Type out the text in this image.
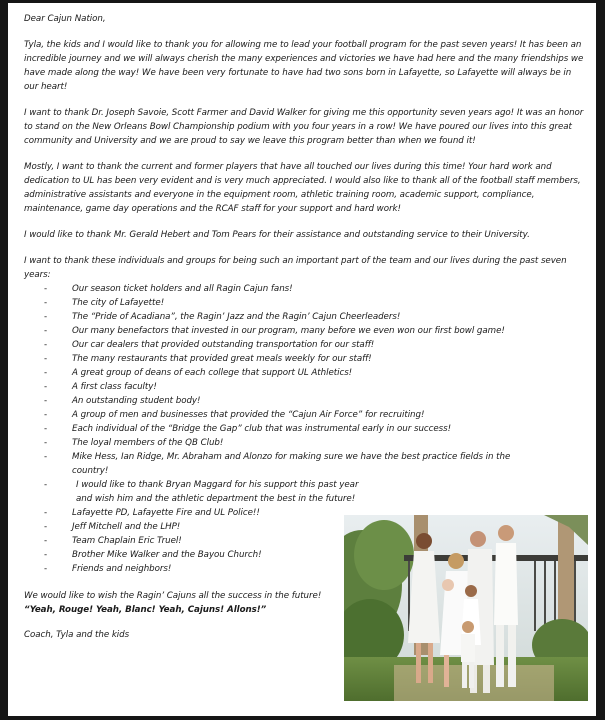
Dear Cajun Nation,

Tyla, the kids and I would like to thank you for allowing me to lead your football program for the past seven years! It has been an incredible journey and we will always cherish the many experiences and victories we have had here and the many friendships we have made along the way! We have been very fortunate to have had two sons born in Lafayette, so Lafayette will always be in our heart!

I want to thank Dr. Joseph Savoie, Scott Farmer and David Walker for giving me this opportunity seven years ago! It was an honor to stand on the New Orleans Bowl Championship podium with you four years in a row! We have poured our lives into this great community and University and we are proud to say we leave this program better than when we found it!

Mostly, I want to thank the current and former players that have all touched our lives during this time! Your hard work and dedication to UL has been very evident and is very much appreciated. I would also like to thank all of the football staff members, administrative assistants and everyone in the equipment room, athletic training room, academic support, compliance, maintenance, game day operations and the RCAF staff for your support and hard work!

I would like to thank Mr. Gerald Hebert and Tom Pears for their assistance and outstanding service to their University.

I want to thank these individuals and groups for being such an important part of the team and our lives during the past seven years:

-	Our season ticket holders and all Ragin Cajun fans!
-	The city of Lafayette!
-	The “Pride of Acadiana”, the Ragin’ Jazz and the Ragin’ Cajun Cheerleaders!
-	Our many benefactors that invested in our program, many before we even won our first bowl game!
-	Our car dealers that provided outstanding transportation for our staff!
-	The many restaurants that provided great meals weekly for our staff!
-	A great group of deans of each college that support UL Athletics!
-	A first class faculty!
-	An outstanding student body!
-	A group of men and businesses that provided the “Cajun Air Force” for recruiting!
-	Each individual of the “Bridge the Gap” club that was instrumental early in our success!
-	The loyal members of the QB Club!
-	Mike Hess, Ian Ridge, Mr. Abraham and Alonzo for making sure we have the best practice fields in the country!
-	I would like to thank Bryan Maggard for his support this past year and wish him and the athletic department the best in the future!
-	Lafayette PD, Lafayette Fire and UL Police!!
-	Jeff Mitchell and the LHP!
-	Team Chaplain Eric Truel!
-	Brother Mike Walker and the Bayou Church!
-	Friends and neighbors!

We would like to wish the Ragin’ Cajuns all the success in the future!

“Yeah, Rouge! Yeah, Blanc! Yeah, Cajuns! Allons!”

Coach, Tyla and the kids
